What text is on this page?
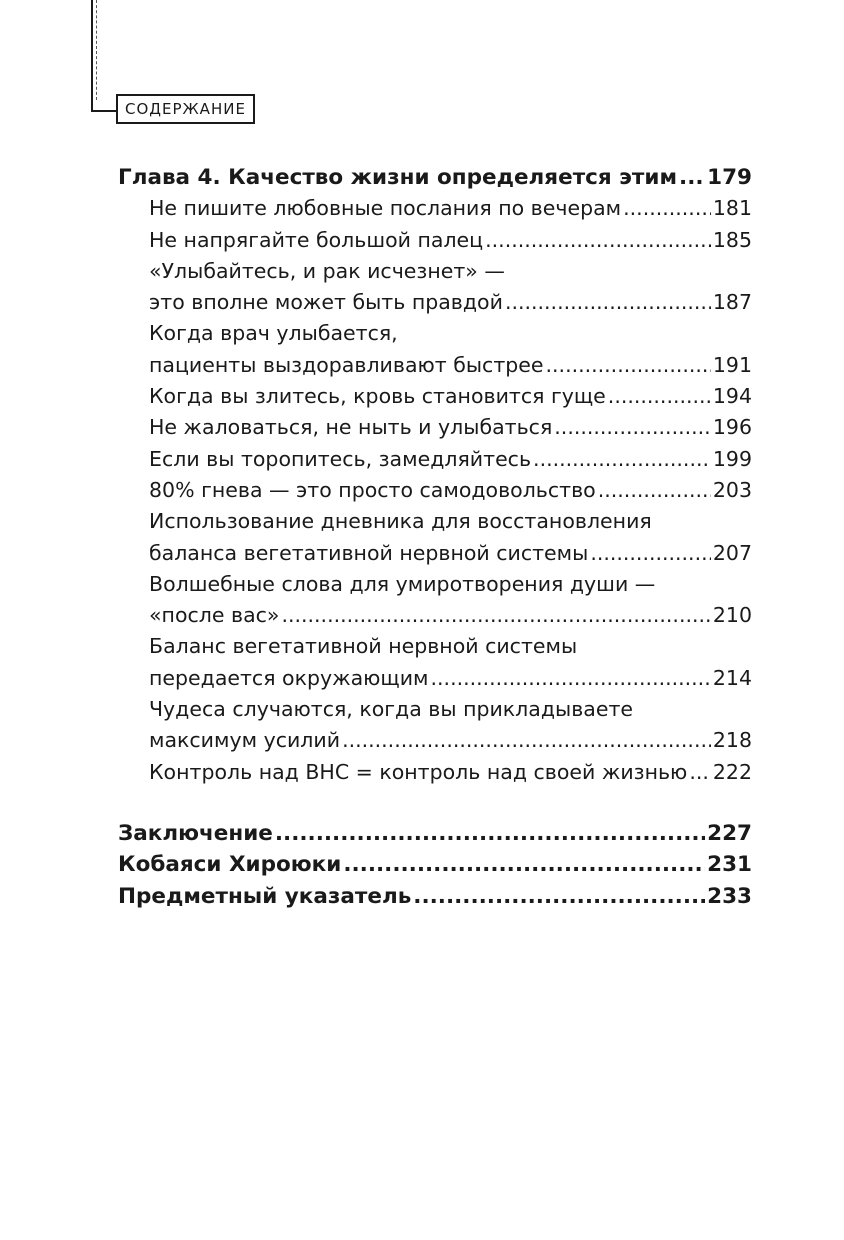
СОДЕРЖАНИЕ
Глава 4. Качество жизни определяется этим ..... 179
Не пишите любовные послания по вечерам .....	181
Не напрягайте большой палец .....	185
«Улыбайтесь, и рак исчезнет» —
это вполне может быть правдой .....	187
Когда врач улыбается,
пациенты выздоравливают быстрее .....	191
Когда вы злитесь, кровь становится гуще .....	194
Не жаловаться, не ныть и улыбаться .....	196
Если вы торопитесь, замедляйтесь .....	199
80% гнева — это просто самодовольство .....	203
Использование дневника для восстановления
баланса вегетативной нервной системы .....	207
Волшебные слова для умиротворения души —
«после вас» .....	210
Баланс вегетативной нервной системы
передается окружающим .....	214
Чудеса случаются, когда вы прикладываете
максимум усилий .....	218
Контроль над ВНС = контроль над своей жизнью ..... 222
Заключение .....	227
Кобаяси Хироюки .....	231
Предметный указатель .....	233
